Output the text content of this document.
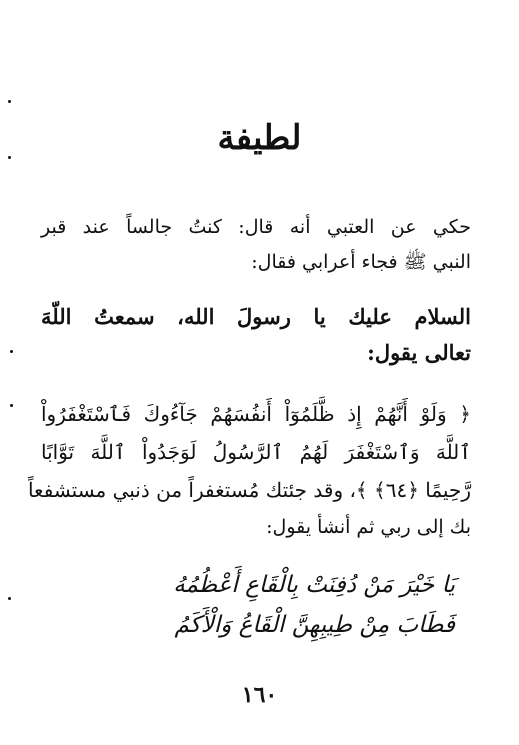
لطيفة
حكي عن العتبي أنه قال: كنتُ جالساً عند قبر
النبي ﷺ فجاء أعرابي فقال:
السلام عليك يا رسولَ الله، سمعتُ اللّهَ
تعالى يقول:
﴿ وَلَوْ أَنَّهُمْ إِذ ظَّلَمُوٓاْ أَنفُسَهُمْ جَآءُوكَ فَٱسْتَغْفَرُواْ
ٱللَّهَ وَٱسْتَغْفَرَ لَهُمُ ٱلرَّسُولُ لَوَجَدُواْ ٱللَّهَ تَوَّابًا
رَّحِيمًا ﴿٦٤﴾ ﴾، وقد جئتك مُستغفراً من ذنبي مستشفعاً
بك إلى ربي ثم أنشأ يقول:
يَا خَيْرَ مَنْ دُفِنَتْ بِالْقَاعِ أَعْظُمُهُ
فَطَابَ مِنْ طِيبِهِنَّ الْقَاعُ وَالْأَكَمُ
١٦٠
